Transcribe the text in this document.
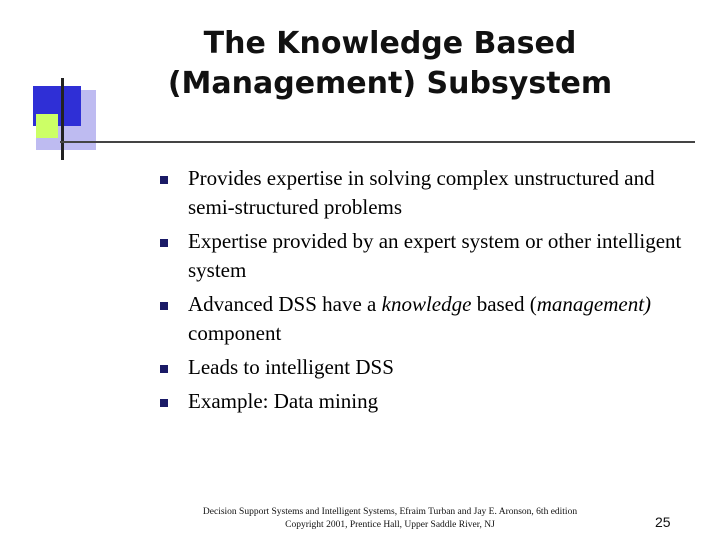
The Knowledge Based
(Management) Subsystem
Provides expertise in solving complex unstructured and semi-structured problems
Expertise provided by an expert system or other intelligent system
Advanced DSS have a knowledge based (management) component
Leads to intelligent DSS
Example: Data mining
Decision Support Systems and Intelligent Systems, Efraim Turban and Jay E. Aronson, 6th edition
Copyright 2001, Prentice Hall, Upper Saddle River, NJ	25
